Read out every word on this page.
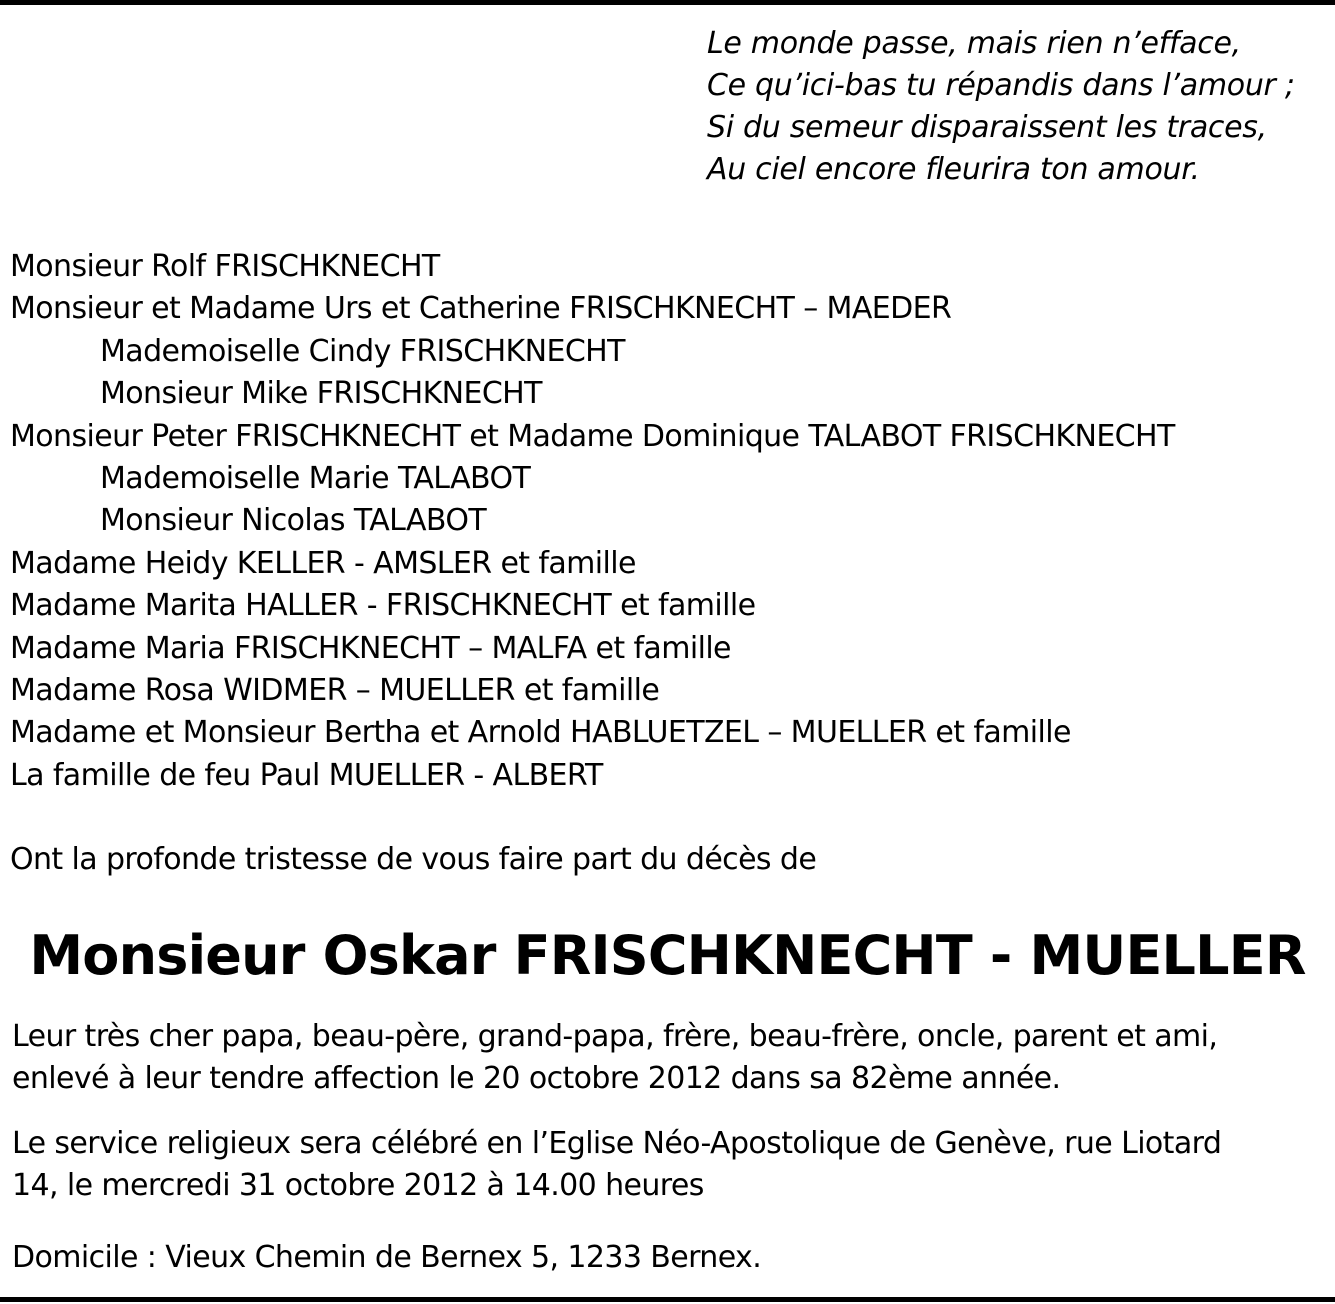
Le monde passe, mais rien n’efface,
Ce qu’ici-bas tu répandis dans l’amour ;
Si du semeur disparaissent les traces,
Au ciel encore fleurira ton amour.
Monsieur Rolf FRISCHKNECHT
Monsieur et Madame Urs et Catherine FRISCHKNECHT – MAEDER
Mademoiselle Cindy FRISCHKNECHT
Monsieur Mike FRISCHKNECHT
Monsieur Peter FRISCHKNECHT et Madame Dominique TALABOT FRISCHKNECHT
Mademoiselle Marie TALABOT
Monsieur Nicolas TALABOT
Madame Heidy KELLER - AMSLER et famille
Madame Marita HALLER - FRISCHKNECHT et famille
Madame Maria FRISCHKNECHT – MALFA et famille
Madame Rosa WIDMER – MUELLER et famille
Madame et Monsieur Bertha et Arnold HABLUETZEL – MUELLER et famille
La famille de feu Paul MUELLER - ALBERT
Ont la profonde tristesse de vous faire part du décès de
Monsieur Oskar FRISCHKNECHT - MUELLER
Leur très cher papa, beau-père, grand-papa, frère, beau-frère, oncle, parent et ami,
enlevé à leur tendre affection le 20 octobre 2012 dans sa 82ème année.
Le service religieux sera célébré en l’Eglise Néo-Apostolique de Genève, rue Liotard
14, le mercredi 31 octobre 2012 à 14.00 heures
Domicile : Vieux Chemin de Bernex 5, 1233 Bernex.
